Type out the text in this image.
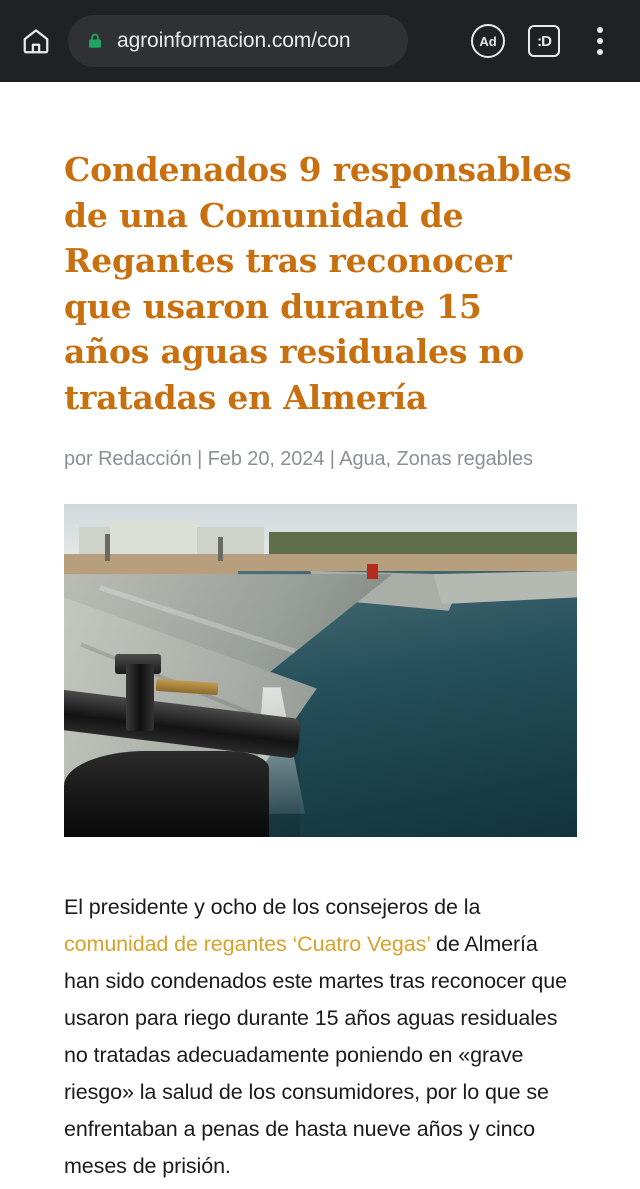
agroinformacion.com/con	Ad	:D
Condenados 9 responsables de una Comunidad de Regantes tras reconocer que usaron durante 15 años aguas residuales no tratadas en Almería
por Redacción | Feb 20, 2024 | Agua, Zonas regables

El presidente y ocho de los consejeros de la comunidad de regantes ‘Cuatro Vegas’ de Almería han sido condenados este martes tras reconocer que usaron para riego durante 15 años aguas residuales no tratadas adecuadamente poniendo en «grave riesgo» la salud de los consumidores, por lo que se enfrentaban a penas de hasta nueve años y cinco meses de prisión.
